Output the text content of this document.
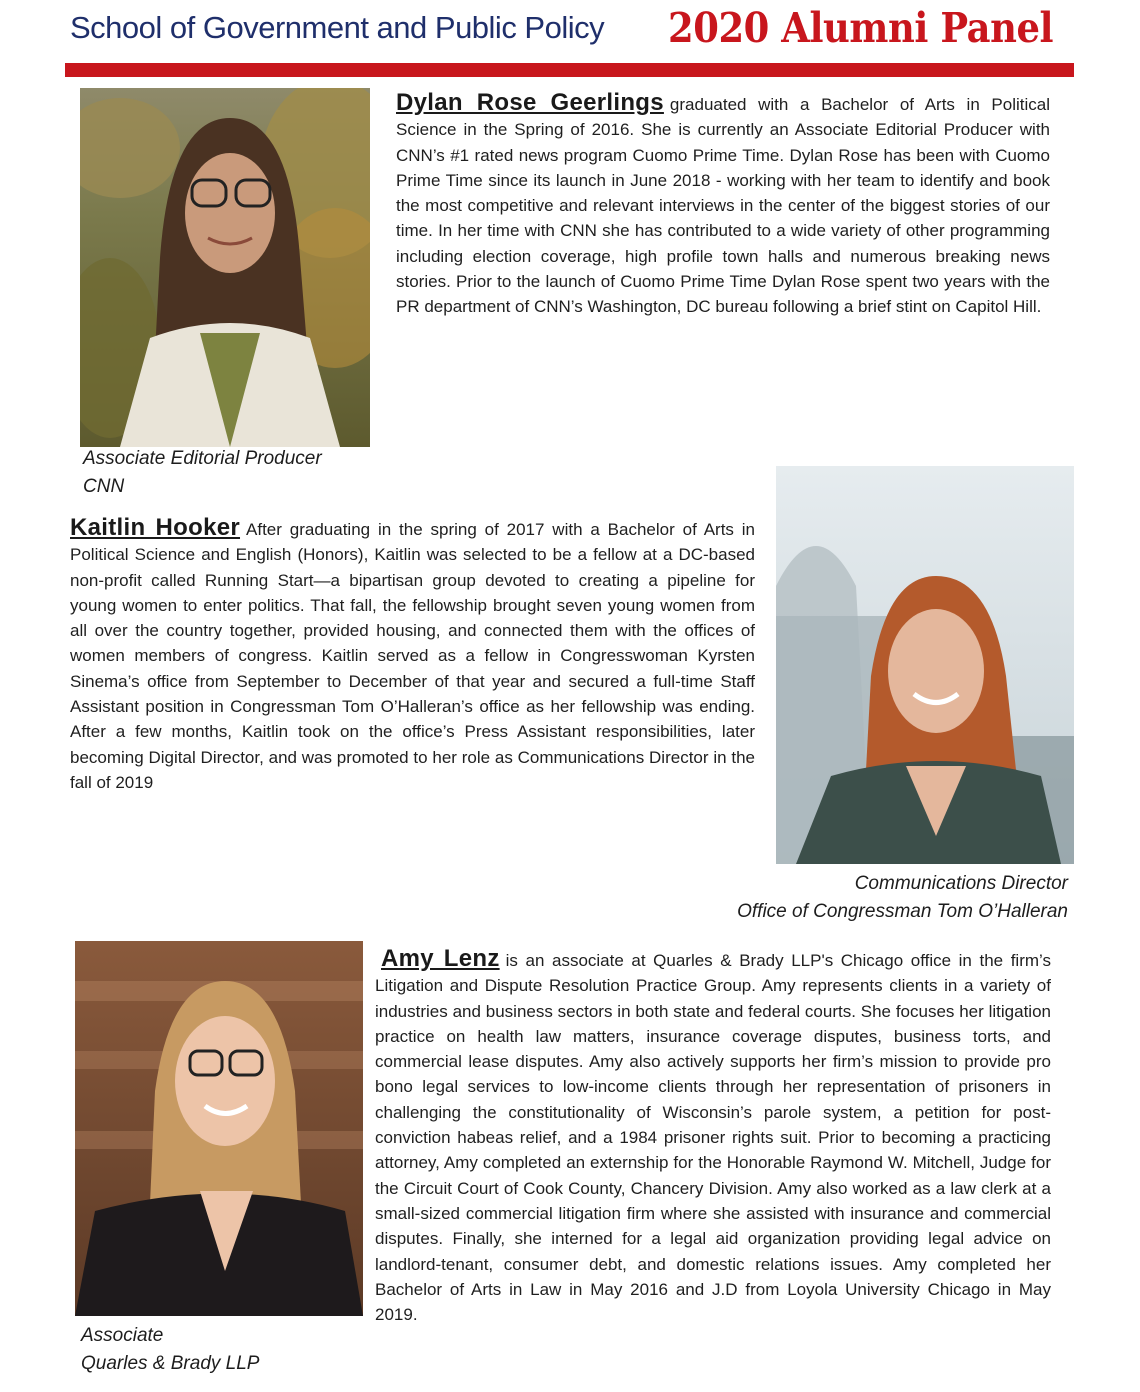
School of Government and Public Policy 2020 Alumni Panel
Associate Editorial Producer
CNN
Dylan Rose Geerlings graduated with a Bachelor of Arts in Political Science in the Spring of 2016. She is currently an Associate Editorial Producer with CNN’s #1 rated news program Cuomo Prime Time. Dylan Rose has been with Cuomo Prime Time since its launch in June 2018 - working with her team to identify and book the most competitive and relevant interviews in the center of the biggest stories of our time. In her time with CNN she has contributed to a wide variety of other programming including election coverage, high profile town halls and numerous breaking news stories. Prior to the launch of Cuomo Prime Time Dylan Rose spent two years with the PR department of CNN’s Washington, DC bureau following a brief stint on Capitol Hill.
Kaitlin Hooker After graduating in the spring of 2017 with a Bachelor of Arts in Political Science and English (Honors), Kaitlin was selected to be a fellow at a DC-based non-profit called Running Start—a bipartisan group devoted to creating a pipeline for young women to enter politics. That fall, the fellowship brought seven young women from all over the country together, provided housing, and connected them with the offices of women members of congress. Kaitlin served as a fellow in Congresswoman Kyrsten Sinema’s office from September to December of that year and secured a full-time Staff Assistant position in Congressman Tom O’Halleran’s office as her fellowship was ending. After a few months, Kaitlin took on the office’s Press Assistant responsibilities, later becoming Digital Director, and was promoted to her role as Communications Director in the fall of 2019
Communications Director
Office of Congressman Tom O’Halleran
Associate
Quarles & Brady LLP
Amy Lenz is an associate at Quarles & Brady LLP's Chicago office in the firm’s Litigation and Dispute Resolution Practice Group. Amy represents clients in a variety of industries and business sectors in both state and federal courts. She focuses her litigation practice on health law matters, insurance coverage disputes, business torts, and commercial lease disputes. Amy also actively supports her firm’s mission to provide pro bono legal services to low-income clients through her representation of prisoners in challenging the constitutionality of Wisconsin’s parole system, a petition for post-conviction habeas relief, and a 1984 prisoner rights suit. Prior to becoming a practicing attorney, Amy completed an externship for the Honorable Raymond W. Mitchell, Judge for the Circuit Court of Cook County, Chancery Division. Amy also worked as a law clerk at a small-sized commercial litigation firm where she assisted with insurance and commercial disputes. Finally, she interned for a legal aid organization providing legal advice on landlord-tenant, consumer debt, and domestic relations issues. Amy completed her Bachelor of Arts in Law in May 2016 and J.D from Loyola University Chicago in May 2019.
